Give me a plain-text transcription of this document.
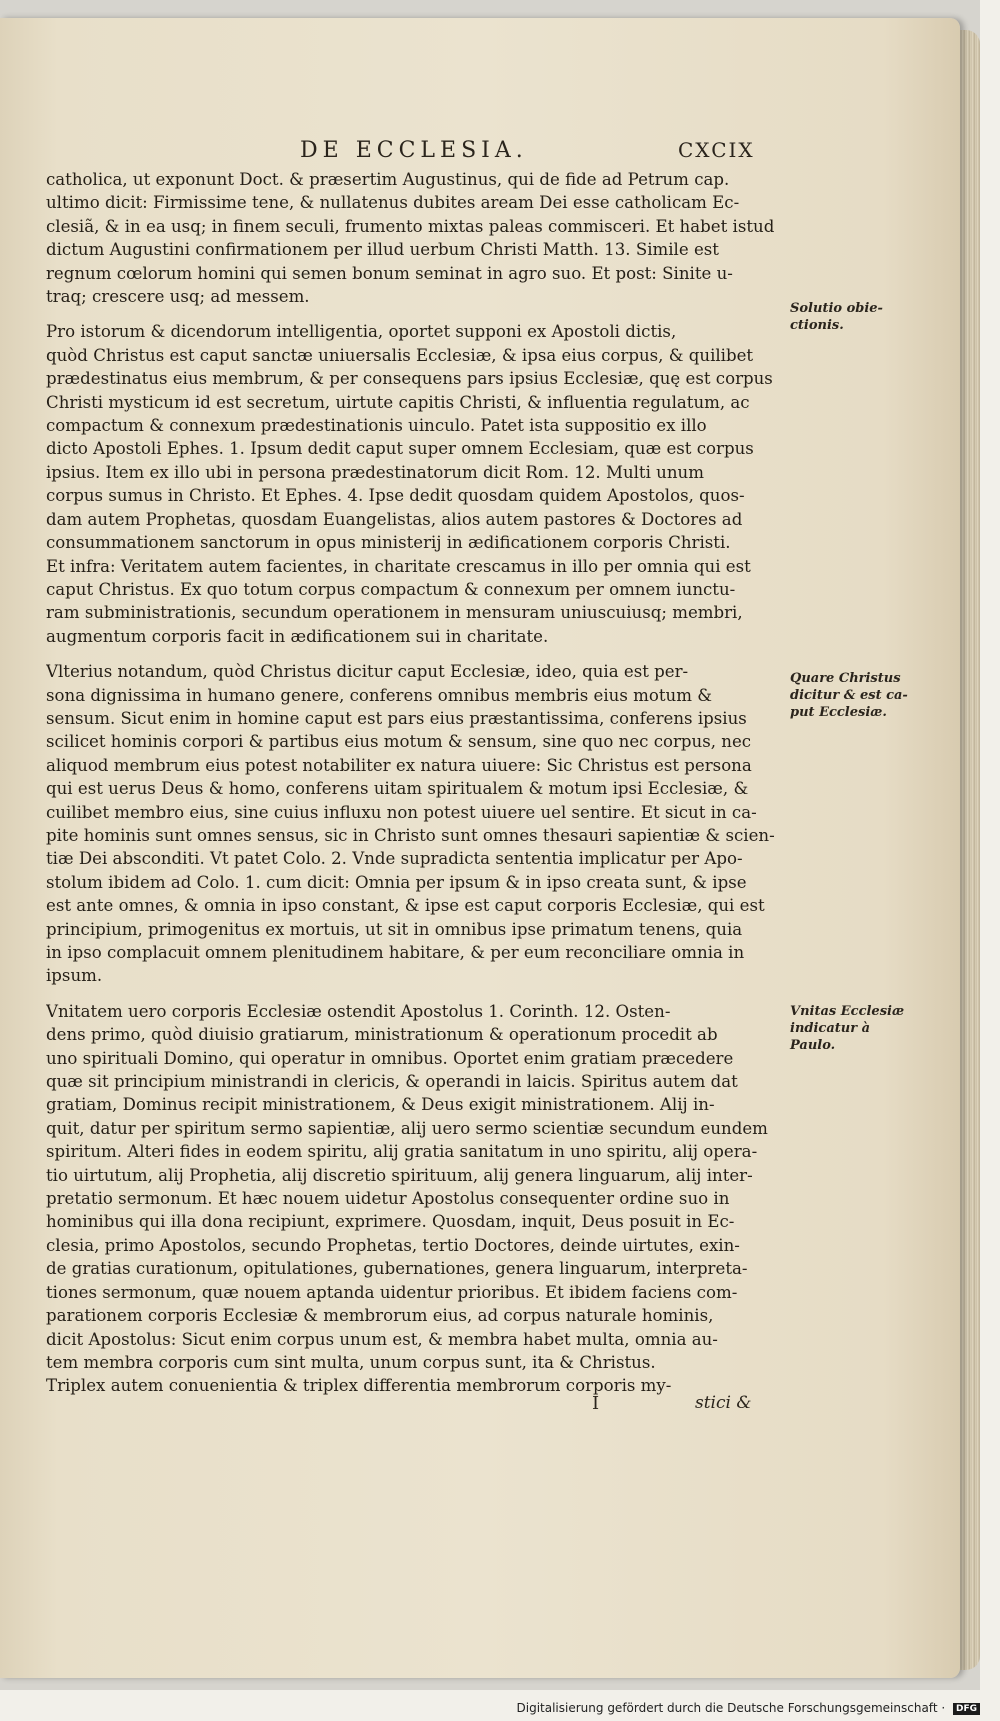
DE ECCLESIA.	CXCIX

catholica, ut exponunt Doct. & præsertim Augustinus, qui de fide ad Petrum cap.
ultimo dicit: Firmissime tene, & nullatenus dubites aream Dei esse catholicam Ec-
clesiã, & in ea usq; in finem seculi, frumento mixtas paleas commisceri. Et habet istud
dictum Augustini confirmationem per illud uerbum Christi Matth. 13. Simile est
regnum cœlorum homini qui semen bonum seminat in agro suo. Et post: Sinite u-
traq; crescere usq; ad messem.

Pro istorum & dicendorum intelligentia, oportet supponi ex Apostoli dictis,
quòd Christus est caput sanctæ uniuersalis Ecclesiæ, & ipsa eius corpus, & quilibet
prædestinatus eius membrum, & per consequens pars ipsius Ecclesiæ, quę est corpus
Christi mysticum id est secretum, uirtute capitis Christi, & influentia regulatum, ac
compactum & connexum prædestinationis uinculo. Patet ista suppositio ex illo
dicto Apostoli Ephes. 1. Ipsum dedit caput super omnem Ecclesiam, quæ est corpus
ipsius. Item ex illo ubi in persona prædestinatorum dicit Rom. 12. Multi unum
corpus sumus in Christo. Et Ephes. 4. Ipse dedit quosdam quidem Apostolos, quos-
dam autem Prophetas, quosdam Euangelistas, alios autem pastores & Doctores ad
consummationem sanctorum in opus ministerij in ædificationem corporis Christi.
Et infra: Veritatem autem facientes, in charitate crescamus in illo per omnia qui est
caput Christus. Ex quo totum corpus compactum & connexum per omnem iunctu-
ram subministrationis, secundum operationem in mensuram uniuscuiusq; membri,
augmentum corporis facit in ædificationem sui in charitate.

Vlterius notandum, quòd Christus dicitur caput Ecclesiæ, ideo, quia est per-
sona dignissima in humano genere, conferens omnibus membris eius motum &
sensum. Sicut enim in homine caput est pars eius præstantissima, conferens ipsius
scilicet hominis corpori & partibus eius motum & sensum, sine quo nec corpus, nec
aliquod membrum eius potest notabiliter ex natura uiuere: Sic Christus est persona
qui est uerus Deus & homo, conferens uitam spiritualem & motum ipsi Ecclesiæ, &
cuilibet membro eius, sine cuius influxu non potest uiuere uel sentire. Et sicut in ca-
pite hominis sunt omnes sensus, sic in Christo sunt omnes thesauri sapientiæ & scien-
tiæ Dei absconditi. Vt patet Colo. 2. Vnde supradicta sententia implicatur per Apo-
stolum ibidem ad Colo. 1. cum dicit: Omnia per ipsum & in ipso creata sunt, & ipse
est ante omnes, & omnia in ipso constant, & ipse est caput corporis Ecclesiæ, qui est
principium, primogenitus ex mortuis, ut sit in omnibus ipse primatum tenens, quia
in ipso complacuit omnem plenitudinem habitare, & per eum reconciliare omnia in
ipsum.

Vnitatem uero corporis Ecclesiæ ostendit Apostolus 1. Corinth. 12. Osten-
dens primo, quòd diuisio gratiarum, ministrationum & operationum procedit ab
uno spirituali Domino, qui operatur in omnibus. Oportet enim gratiam præcedere
quæ sit principium ministrandi in clericis, & operandi in laicis. Spiritus autem dat
gratiam, Dominus recipit ministrationem, & Deus exigit ministrationem. Alij in-
quit, datur per spiritum sermo sapientiæ, alij uero sermo scientiæ secundum eundem
spiritum. Alteri fides in eodem spiritu, alij gratia sanitatum in uno spiritu, alij opera-
tio uirtutum, alij Prophetia, alij discretio spirituum, alij genera linguarum, alij inter-
pretatio sermonum. Et hæc nouem uidetur Apostolus consequenter ordine suo in
hominibus qui illa dona recipiunt, exprimere. Quosdam, inquit, Deus posuit in Ec-
clesia, primo Apostolos, secundo Prophetas, tertio Doctores, deinde uirtutes, exin-
de gratias curationum, opitulationes, gubernationes, genera linguarum, interpreta-
tiones sermonum, quæ nouem aptanda uidentur prioribus. Et ibidem faciens com-
parationem corporis Ecclesiæ & membrorum eius, ad corpus naturale hominis,
dicit Apostolus: Sicut enim corpus unum est, & membra habet multa, omnia au-
tem membra corporis cum sint multa, unum corpus sunt, ita & Christus.
Triplex autem conuenientia & triplex differentia membrorum corporis my-

Solutio obie- ctionis.
Quare Christus dicitur & est ca- put Ecclesiæ.
Vnitas Ecclesiæ indicatur à Paulo.
I	stici &
Digitalisierung gefördert durch die Deutsche Forschungsgemeinschaft · DFG
